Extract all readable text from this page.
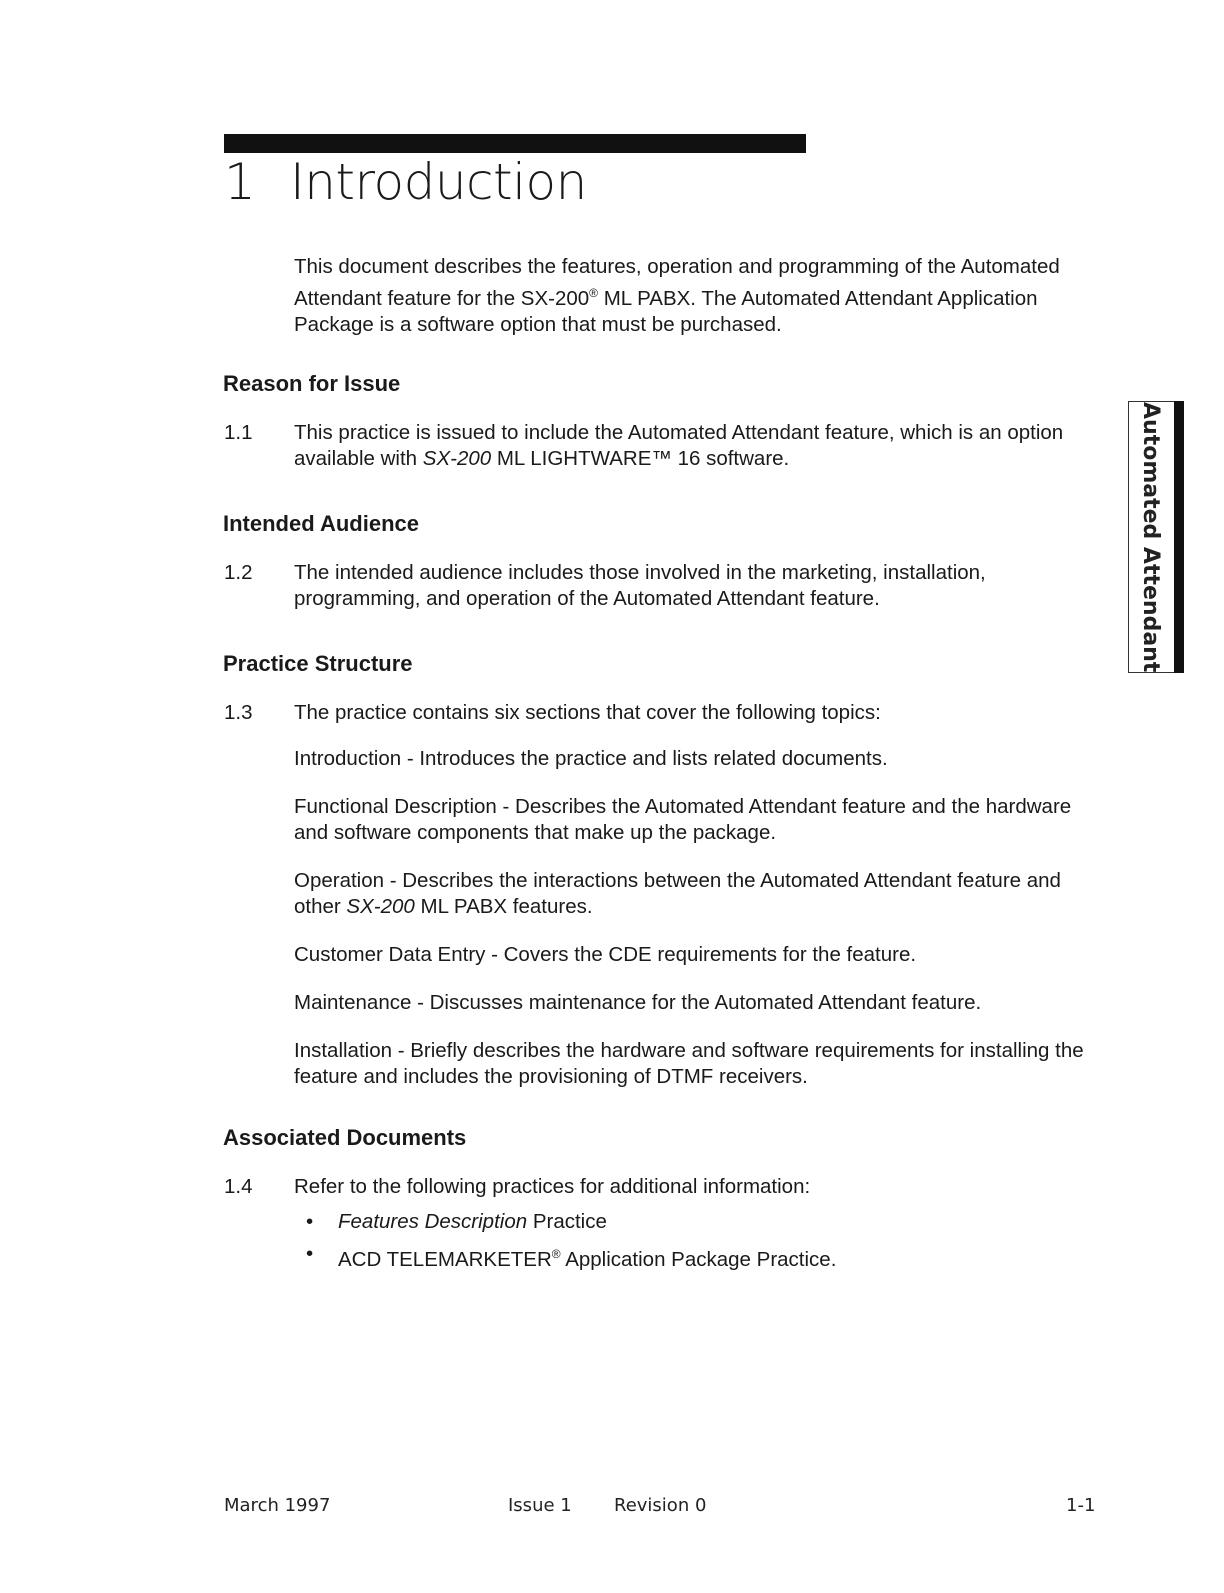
1 Introduction
This document describes the features, operation and programming of the Automated Attendant feature for the SX-200® ML PABX. The Automated Attendant Application Package is a software option that must be purchased.
Reason for Issue
1.1 This practice is issued to include the Automated Attendant feature, which is an option available with SX-200 ML LIGHTWARE™ 16 software.
Intended Audience
1.2 The intended audience includes those involved in the marketing, installation, programming, and operation of the Automated Attendant feature.
Practice Structure
1.3 The practice contains six sections that cover the following topics:

Introduction - Introduces the practice and lists related documents.

Functional Description - Describes the Automated Attendant feature and the hardware and software components that make up the package.

Operation - Describes the interactions between the Automated Attendant feature and other SX-200 ML PABX features.

Customer Data Entry - Covers the CDE requirements for the feature.

Maintenance - Discusses maintenance for the Automated Attendant feature.

Installation - Briefly describes the hardware and software requirements for installing the feature and includes the provisioning of DTMF receivers.

Associated Documents
1.4 Refer to the following practices for additional information:
• Features Description Practice
• ACD TELEMARKETER® Application Package Practice.
Automated Attendant
March 1997	Issue 1 Revision 0	1-1
